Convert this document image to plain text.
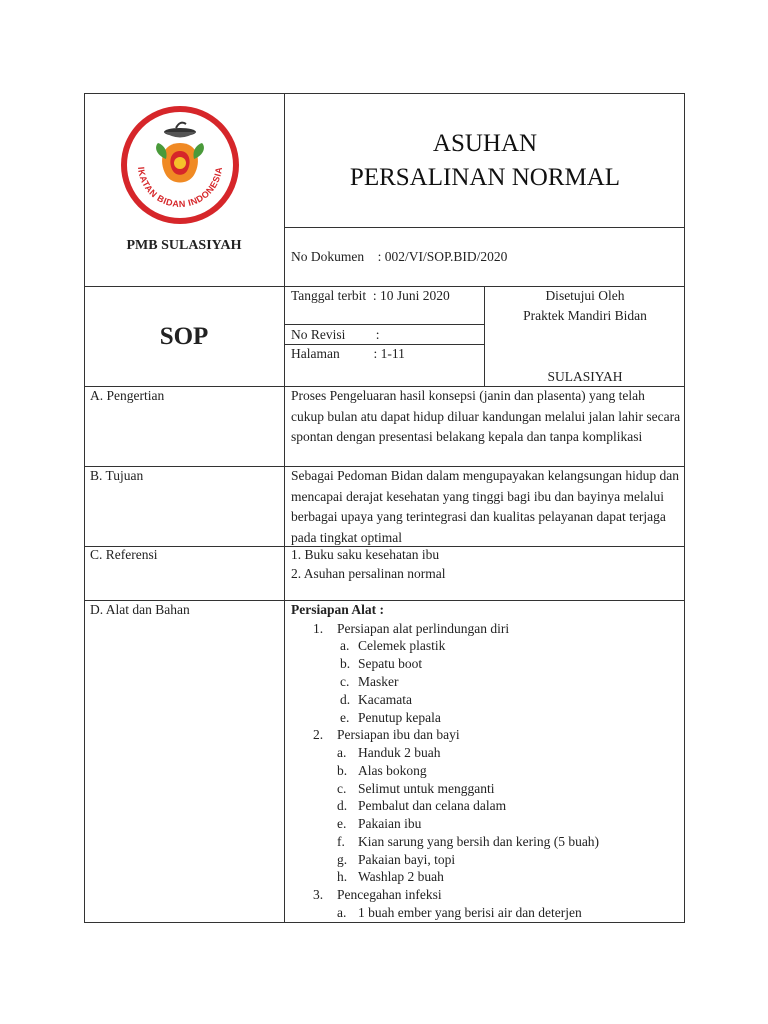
IKATAN BIDAN INDONESIA
PMB SULASIYAH
SOP
ASUHAN
PERSALINAN NORMAL
No Dokumen    : 002/VI/SOP.BID/2020
Tanggal terbit  : 10 Juni 2020
No Revisi         :
Halaman          : 1-11
Disetujui Oleh
Praktek Mandiri Bidan
SULASIYAH
A. Pengertian	Proses Pengeluaran hasil konsepsi (janin dan plasenta) yang telah cukup bulan atu dapat hidup diluar kandungan melalui jalan lahir secara spontan dengan presentasi belakang kepala dan tanpa komplikasi
B. Tujuan	Sebagai Pedoman Bidan dalam mengupayakan kelangsungan hidup dan mencapai derajat kesehatan yang tinggi bagi ibu dan bayinya melalui berbagai upaya yang terintegrasi dan kualitas pelayanan dapat terjaga pada tingkat optimal
C. Referensi	1. Buku saku kesehatan ibu
2. Asuhan persalinan normal
D. Alat dan Bahan	Persiapan Alat :
1. Persiapan alat perlindungan diri
a. Celemek plastik
b. Sepatu boot
c. Masker
d. Kacamata
e. Penutup kepala
2. Persiapan ibu dan bayi
a. Handuk 2 buah
b. Alas bokong
c. Selimut untuk mengganti
d. Pembalut dan celana dalam
e. Pakaian ibu
f. Kian sarung yang bersih dan kering (5 buah)
g. Pakaian bayi, topi
h. Washlap 2 buah
3. Pencegahan infeksi
a. 1 buah ember yang berisi air dan deterjen
